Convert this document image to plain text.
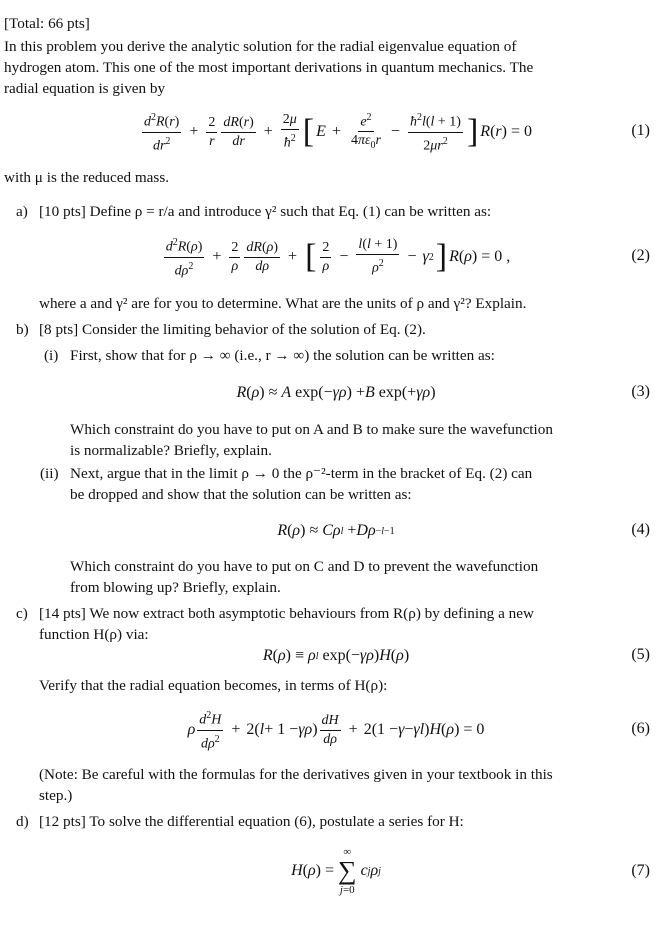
[Total: 66 pts]
In this problem you derive the analytic solution for the radial eigenvalue equation of
hydrogen atom. This one of the most important derivations in quantum mechanics. The
radial equation is given by
$\frac{d^2R(r)}{dr^2} + \frac{2}{r} \frac{dR(r)}{dr} + \frac{2\mu}{ħ^2}$ [ $E + \frac{e^2}{4\pi\varepsilon_0r} - \frac{ħ^2l(l + 1)}{2\mu r^2}$ ] R ( r ) = 0	(1)
with μ is the reduced mass.
a) [10 pts] Define ρ = r/a and introduce γ² such that Eq. (1) can be written as:
$\frac{d^2R(\rho)}{d\rho^2} + \frac{2}{\rho} \frac{dR(\rho)}{d\rho}$ + [ $\frac{2}{\rho} - \frac{l(l + 1)}{\rho^2} - \gamma$ 2 ] R ( ρ ) = 0 ,	(2)
where a and γ² are for you to determine. What are the units of ρ and γ²? Explain.
b) [8 pts] Consider the limiting behavior of the solution of Eq. (2).
(i) First, show that for ρ → ∞ (i.e., r → ∞) the solution can be written as:
R ( ρ ) ≈ A exp(− γρ ) + B exp(+ γρ )	(3)
Which constraint do you have to put on A and B to make sure the wavefunction
is normalizable? Briefly, explain.
(ii) Next, argue that in the limit ρ → 0 the ρ⁻²-term in the bracket of Eq. (2) can
be dropped and show that the solution can be written as:
R ( ρ ) ≈ Cρ l + Dρ −l−1	(4)
Which constraint do you have to put on C and D to prevent the wavefunction
from blowing up? Briefly, explain.
c) [14 pts] We now extract both asymptotic behaviours from R(ρ) by defining a new
function H(ρ) via:
R ( ρ ) ≡ ρ l exp(− γρ ) H ( ρ )	(5)
Verify that the radial equation becomes, in terms of H(ρ):
ρ $\frac{d^2H}{d\rho^2} + 2$( l + 1 − γρ ) $\frac{dH}{d\rho} + 2(1 - \gamma - \gamma l$ ) H ( ρ ) = 0	(6)
(Note: Be careful with the formulas for the derivatives given in your textbook in this
step.)
d) [12 pts] To solve the differential equation (6), postulate a series for H:
H ( ρ ) =
∞
∑
j=0
c j ρ j	(7)
